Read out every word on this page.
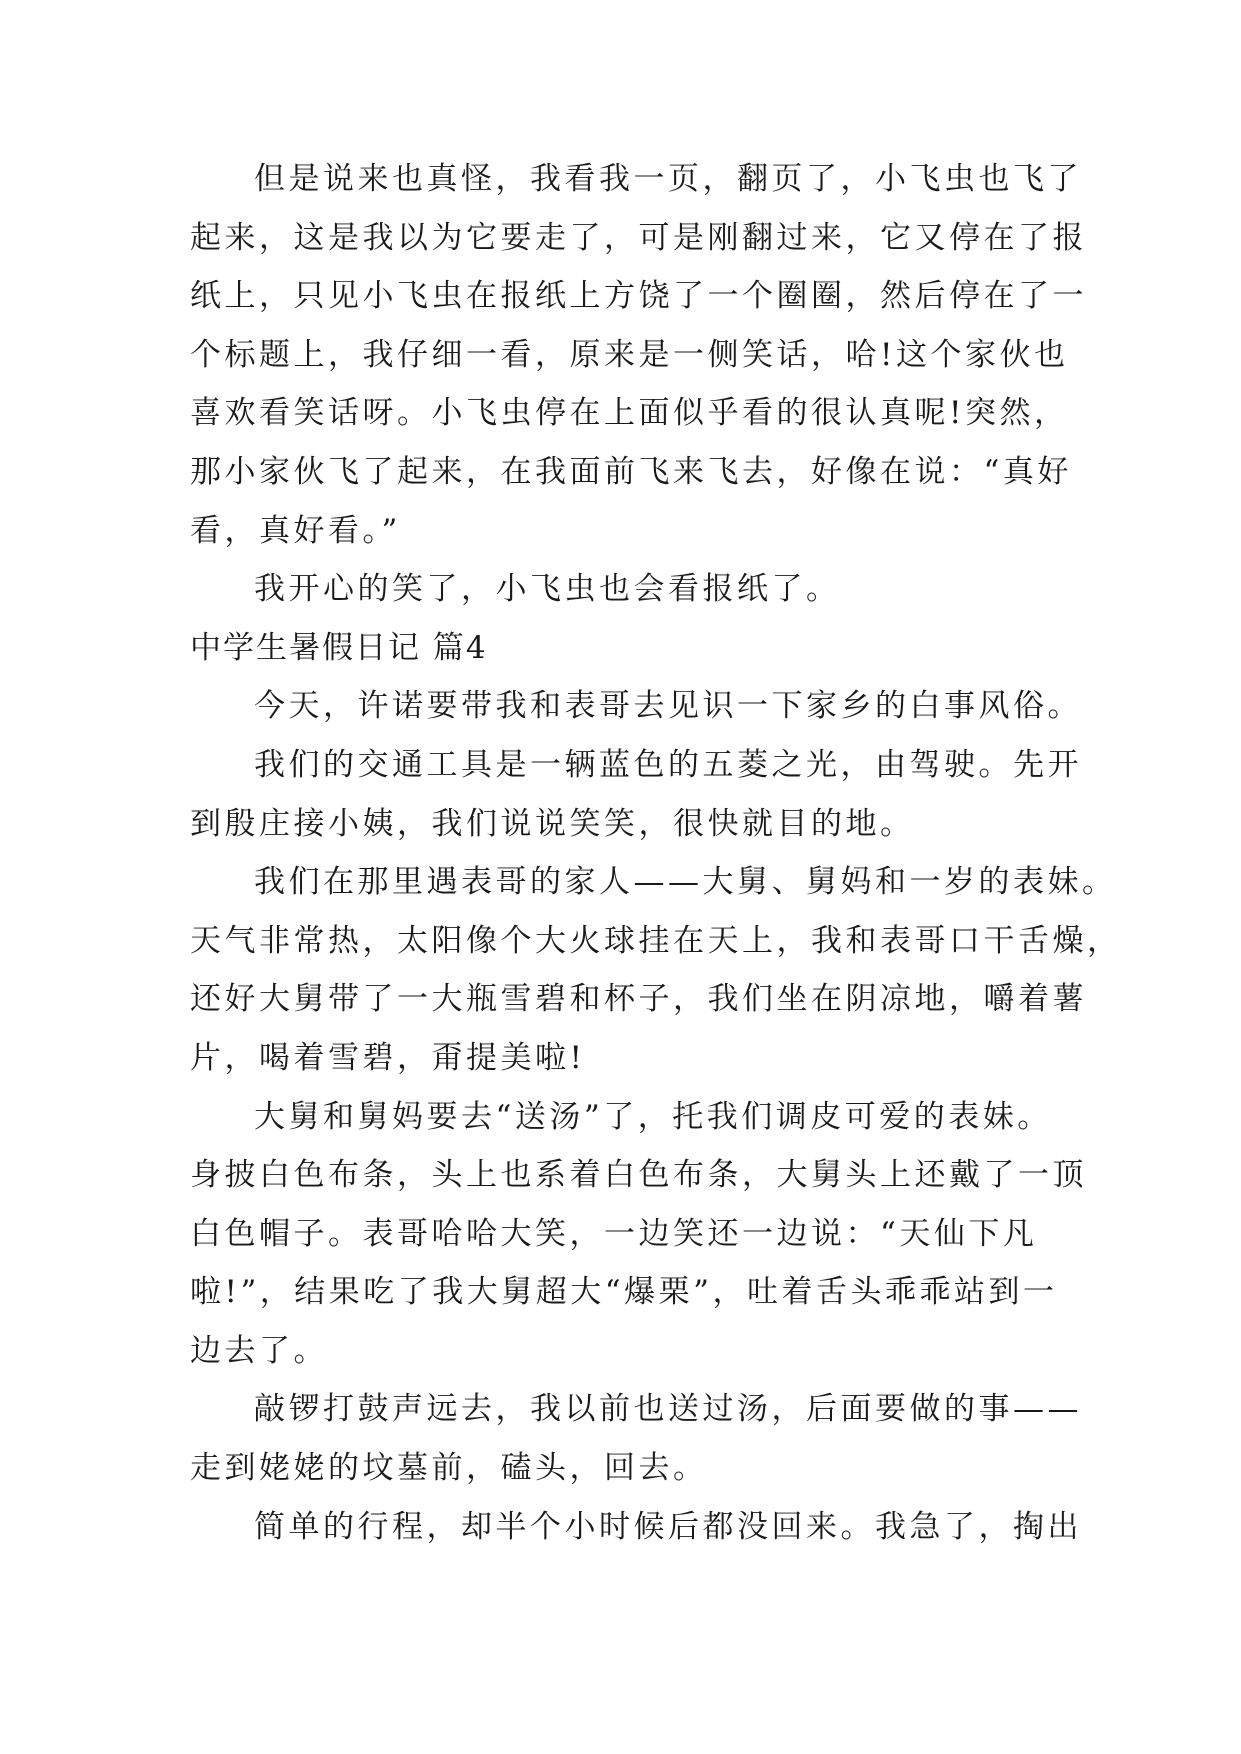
但是说来也真怪，我看我一页，翻页了，小飞虫也飞了
起来，这是我以为它要走了，可是刚翻过来，它又停在了报
纸上，只见小飞虫在报纸上方饶了一个圈圈，然后停在了一
个标题上，我仔细一看，原来是一侧笑话，哈!这个家伙也
喜欢看笑话呀。小飞虫停在上面似乎看的很认真呢!突然，
那小家伙飞了起来，在我面前飞来飞去，好像在说：“真好
看，真好看。”
我开心的笑了，小飞虫也会看报纸了。
中学生暑假日记 篇4
今天，许诺要带我和表哥去见识一下家乡的白事风俗。
我们的交通工具是一辆蓝色的五菱之光，由驾驶。先开
到殷庄接小姨，我们说说笑笑，很快就目的地。
我们在那里遇表哥的家人——大舅、舅妈和一岁的表妹。
天气非常热，太阳像个大火球挂在天上，我和表哥口干舌燥，
还好大舅带了一大瓶雪碧和杯子，我们坐在阴凉地，嚼着薯
片，喝着雪碧，甭提美啦!
大舅和舅妈要去“送汤”了，托我们调皮可爱的表妹。
身披白色布条，头上也系着白色布条，大舅头上还戴了一顶
白色帽子。表哥哈哈大笑，一边笑还一边说：“天仙下凡
啦!”，结果吃了我大舅超大“爆栗”，吐着舌头乖乖站到一
边去了。
敲锣打鼓声远去，我以前也送过汤，后面要做的事——
走到姥姥的坟墓前，磕头，回去。
简单的行程，却半个小时候后都没回来。我急了，掏出
